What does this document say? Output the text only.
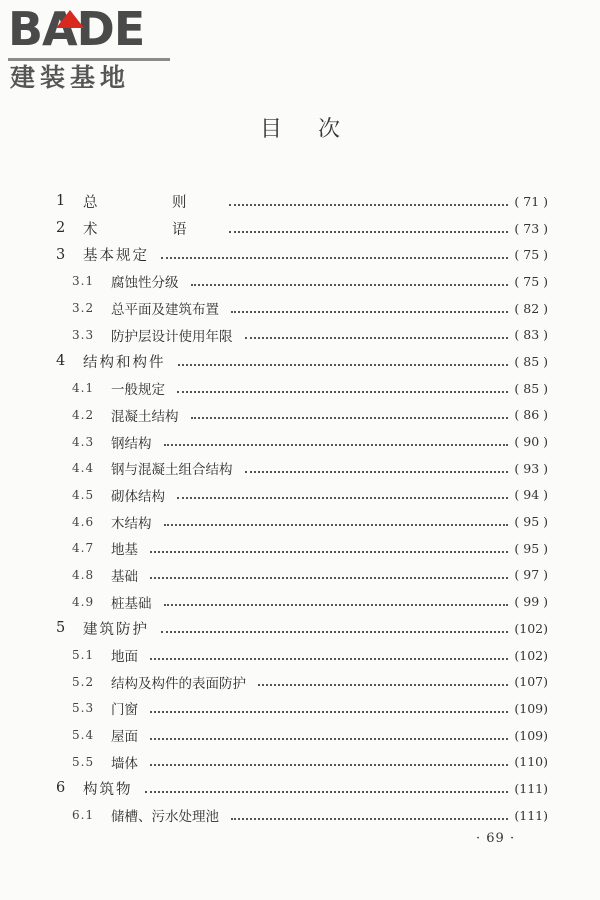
BADE
建装基地
目次
1	总　则	( 71 )
2	术　语	( 73 )
3	基本规定	( 75 )
3.1	腐蚀性分级	( 75 )
3.2	总平面及建筑布置	( 82 )
3.3	防护层设计使用年限	( 83 )
4	结构和构件	( 85 )
4.1	一般规定	( 85 )
4.2	混凝土结构	( 86 )
4.3	钢结构	( 90 )
4.4	钢与混凝土组合结构	( 93 )
4.5	砌体结构	( 94 )
4.6	木结构	( 95 )
4.7	地基	( 95 )
4.8	基础	( 97 )
4.9	桩基础	( 99 )
5	建筑防护	(102)
5.1	地面	(102)
5.2	结构及构件的表面防护	(107)
5.3	门窗	(109)
5.4	屋面	(109)
5.5	墙体	(110)
6	构筑物	(111)
6.1	储槽、污水处理池	(111)
· 69 ·
